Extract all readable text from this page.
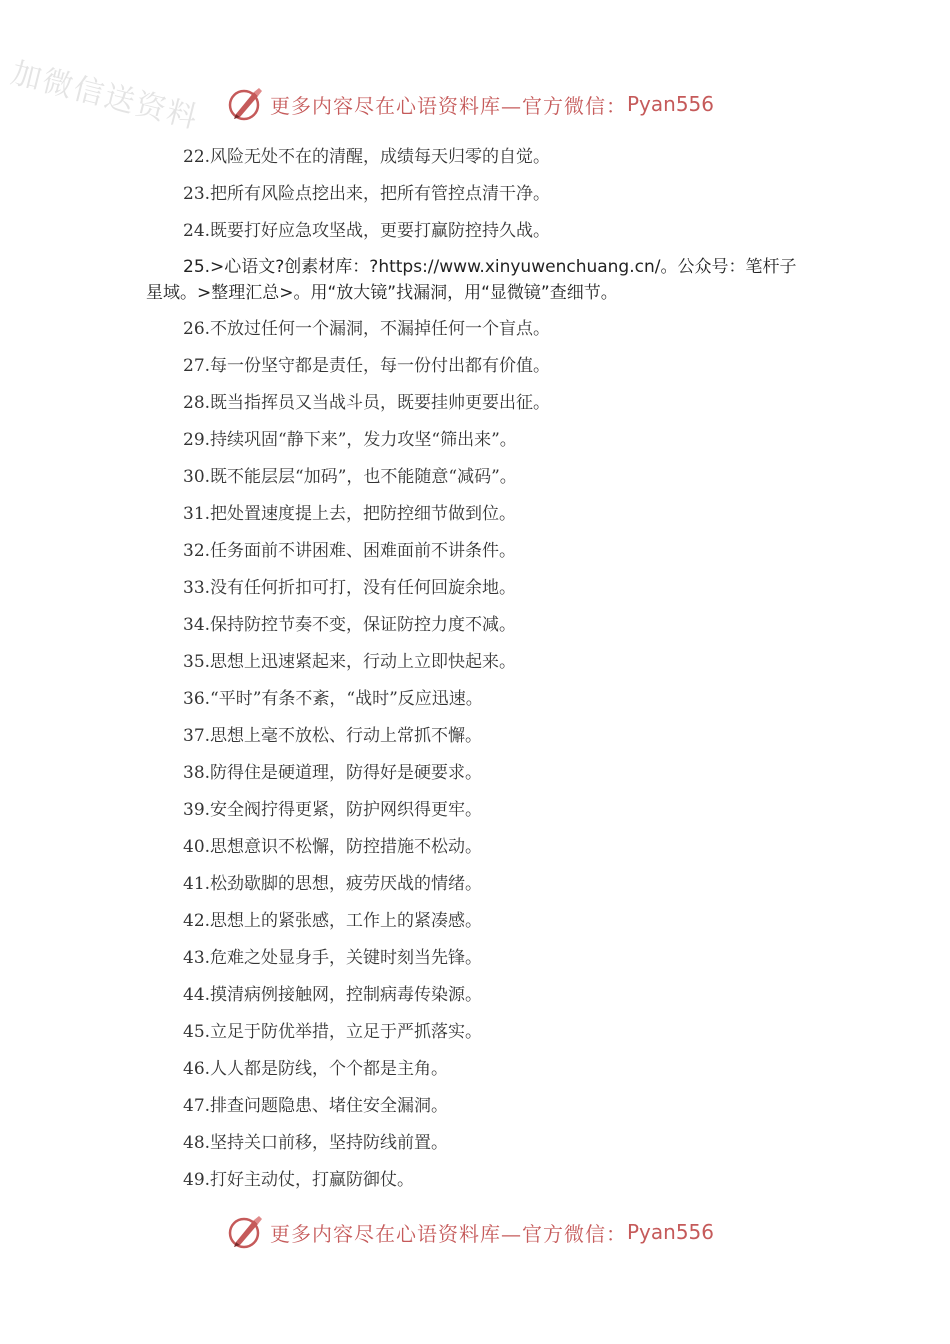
加微信送资料	更多内容尽在心语资料库—官方微信： Pyan556
22.风险无处不在的清醒，成绩每天归零的自觉。
23.把所有风险点挖出来，把所有管控点清干净。
24.既要打好应急攻坚战，更要打赢防控持久战。
25.>心语文?创素材库：?https://www.xinyuwenchuang.cn/。公众号：笔杆子
星域。>整理汇总>。用“放大镜”找漏洞，用“显微镜”查细节。
26.不放过任何一个漏洞，不漏掉任何一个盲点。
27.每一份坚守都是责任，每一份付出都有价值。
28.既当指挥员又当战斗员，既要挂帅更要出征。
29.持续巩固“静下来”，发力攻坚“筛出来”。
30.既不能层层“加码”，也不能随意“减码”。
31.把处置速度提上去，把防控细节做到位。
32.任务面前不讲困难、困难面前不讲条件。
33.没有任何折扣可打，没有任何回旋余地。
34.保持防控节奏不变，保证防控力度不减。
35.思想上迅速紧起来，行动上立即快起来。
36.“平时”有条不紊，“战时”反应迅速。
37.思想上毫不放松、行动上常抓不懈。
38.防得住是硬道理，防得好是硬要求。
39.安全阀拧得更紧，防护网织得更牢。
40.思想意识不松懈，防控措施不松动。
41.松劲歇脚的思想，疲劳厌战的情绪。
42.思想上的紧张感，工作上的紧凑感。
43.危难之处显身手，关键时刻当先锋。
44.摸清病例接触网，控制病毒传染源。
45.立足于防优举措，立足于严抓落实。
46.人人都是防线，个个都是主角。
47.排查问题隐患、堵住安全漏洞。
48.坚持关口前移，坚持防线前置。
49.打好主动仗，打赢防御仗。
更多内容尽在心语资料库—官方微信： Pyan556
